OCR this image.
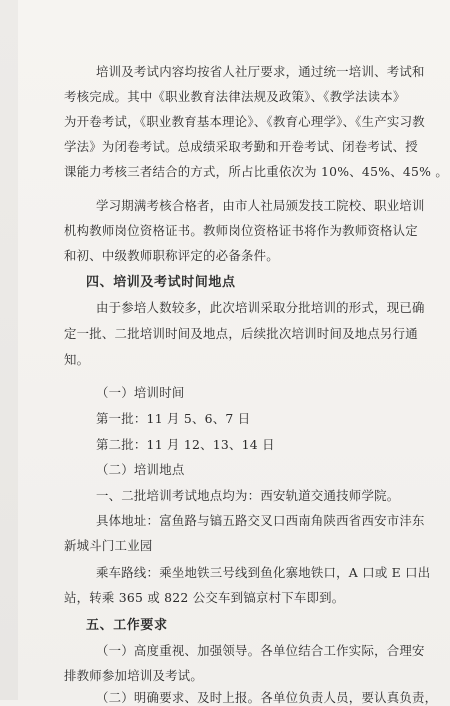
培训及考试内容均按省人社厅要求，通过统一培训、考试和
考核完成。其中《职业教育法律法规及政策》、《教学法读本》
为开卷考试，《职业教育基本理论》、《教育心理学》、《生产实习教
学法》为闭卷考试。总成绩采取考勤和开卷考试、闭卷考试、授
课能力考核三者结合的方式，所占比重依次为 10%、45%、45% 。
学习期满考核合格者，由市人社局颁发技工院校、职业培训
机构教师岗位资格证书。教师岗位资格证书将作为教师资格认定
和初、中级教师职称评定的必备条件。
四、培训及考试时间地点
由于参培人数较多，此次培训采取分批培训的形式，现已确
定一批、二批培训时间及地点，后续批次培训时间及地点另行通
知。
（一）培训时间
第一批：11 月 5、6、7 日
第二批：11 月 12、13、14 日
（二）培训地点
一、二批培训考试地点均为：西安轨道交通技师学院。
具体地址：富鱼路与镐五路交叉口西南角陕西省西安市沣东
新城斗门工业园
乘车路线：乘坐地铁三号线到鱼化寨地铁口，A 口或 E 口出
站，转乘 365 或 822 公交车到镐京村下车即到。
五、工作要求
（一）高度重视、加强领导。各单位结合工作实际，合理安
排教师参加培训及考试。
（二）明确要求、及时上报。各单位负责人员，要认真负责，
